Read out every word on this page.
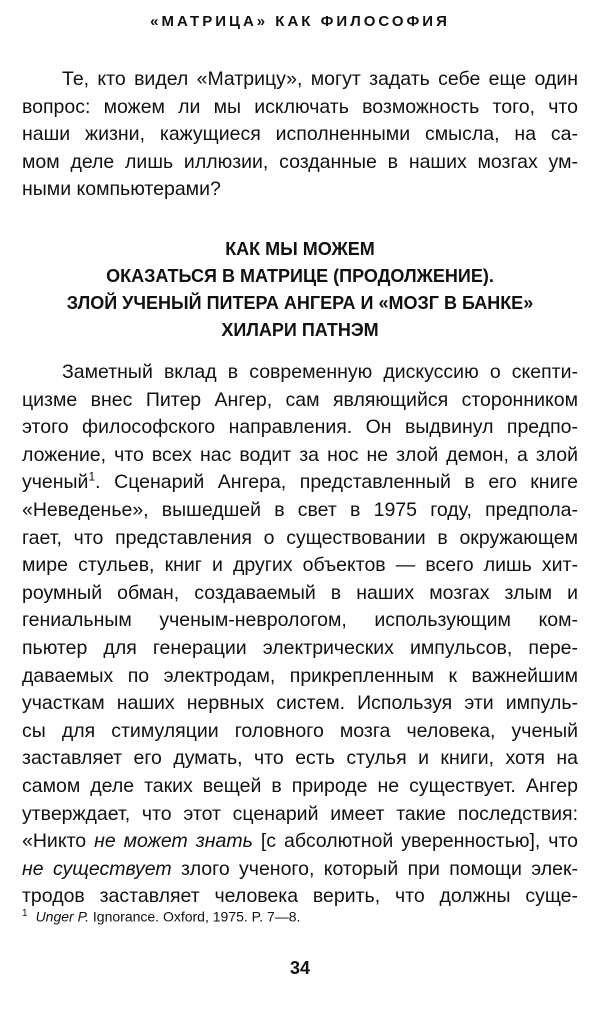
«МАТРИЦА» КАК ФИЛОСОФИЯ
Те, кто видел «Матрицу», могут задать себе еще один
вопрос: можем ли мы исключать возможность того, что
наши жизни, кажущиеся исполненными смысла, на са-
мом деле лишь иллюзии, созданные в наших мозгах ум-
ными компьютерами?
КАК МЫ МОЖЕМ
ОКАЗАТЬСЯ В МАТРИЦЕ (ПРОДОЛЖЕНИЕ).
ЗЛОЙ УЧЕНЫЙ ПИТЕРА АНГЕРА И «МОЗГ В БАНКЕ»
ХИЛАРИ ПАТНЭМ
Заметный вклад в современную дискуссию о скепти-
цизме внес Питер Ангер, сам являющийся сторонником
этого философского направления. Он выдвинул предпо-
ложение, что всех нас водит за нос не злой демон, а злой
ученый$^1$. Сценарий Ангера, представленный в его книге
«Неведенье», вышедшей в свет в 1975 году, предпола-
гает, что представления о существовании в окружающем
мире стульев, книг и других объектов — всего лишь хит-
роумный обман, создаваемый в наших мозгах злым и
гениальным ученым-неврологом, использующим ком-
пьютер для генерации электрических импульсов, пере-
даваемых по электродам, прикрепленным к важнейшим
участкам наших нервных систем. Используя эти импуль-
сы для стимуляции головного мозга человека, ученый
заставляет его думать, что есть стулья и книги, хотя на
самом деле таких вещей в природе не существует. Ангер
утверждает, что этот сценарий имеет такие последствия:
«Никто не может знать [с абсолютной уверенностью], что
не существует злого ученого, который при помощи элек-
тродов заставляет человека верить, что должны суще-

$^1$ Unger P. Ignorance. Oxford, 1975. P. 7—8.

34
